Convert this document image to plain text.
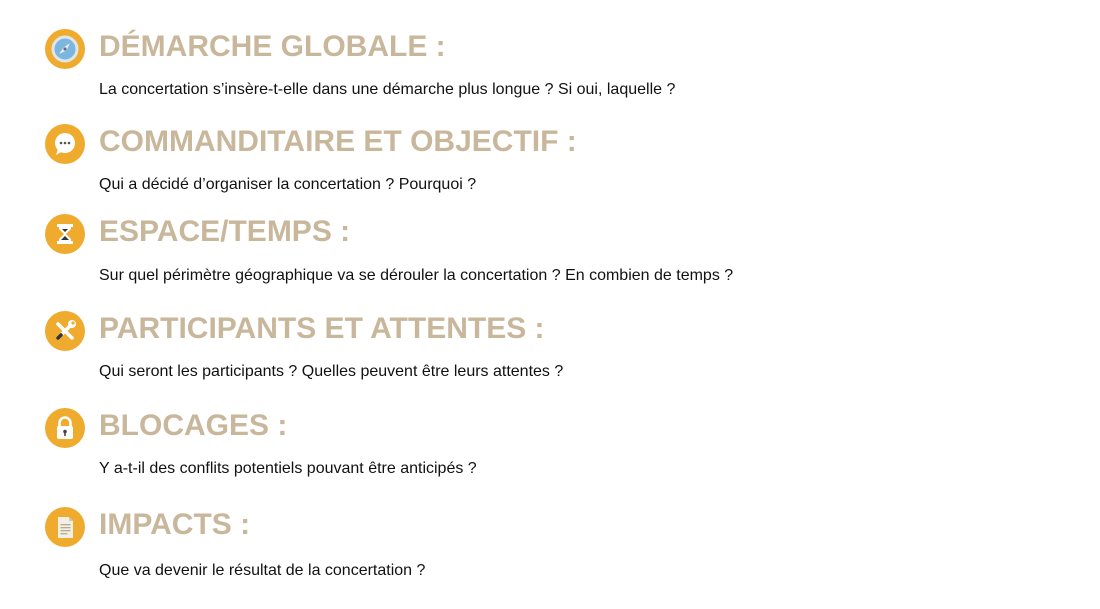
DÉMARCHE GLOBALE :

La concertation s’insère-t-elle dans une démarche plus longue ? Si oui, laquelle ?

COMMANDITAIRE ET OBJECTIF :

Qui a décidé d’organiser la concertation ? Pourquoi ?

ESPACE/TEMPS :

Sur quel périmètre géographique va se dérouler la concertation ? En combien de temps ?

PARTICIPANTS ET ATTENTES :

Qui seront les participants ? Quelles peuvent être leurs attentes ?

BLOCAGES :

Y a-t-il des conflits potentiels pouvant être anticipés ?

IMPACTS :

Que va devenir le résultat de la concertation ?
